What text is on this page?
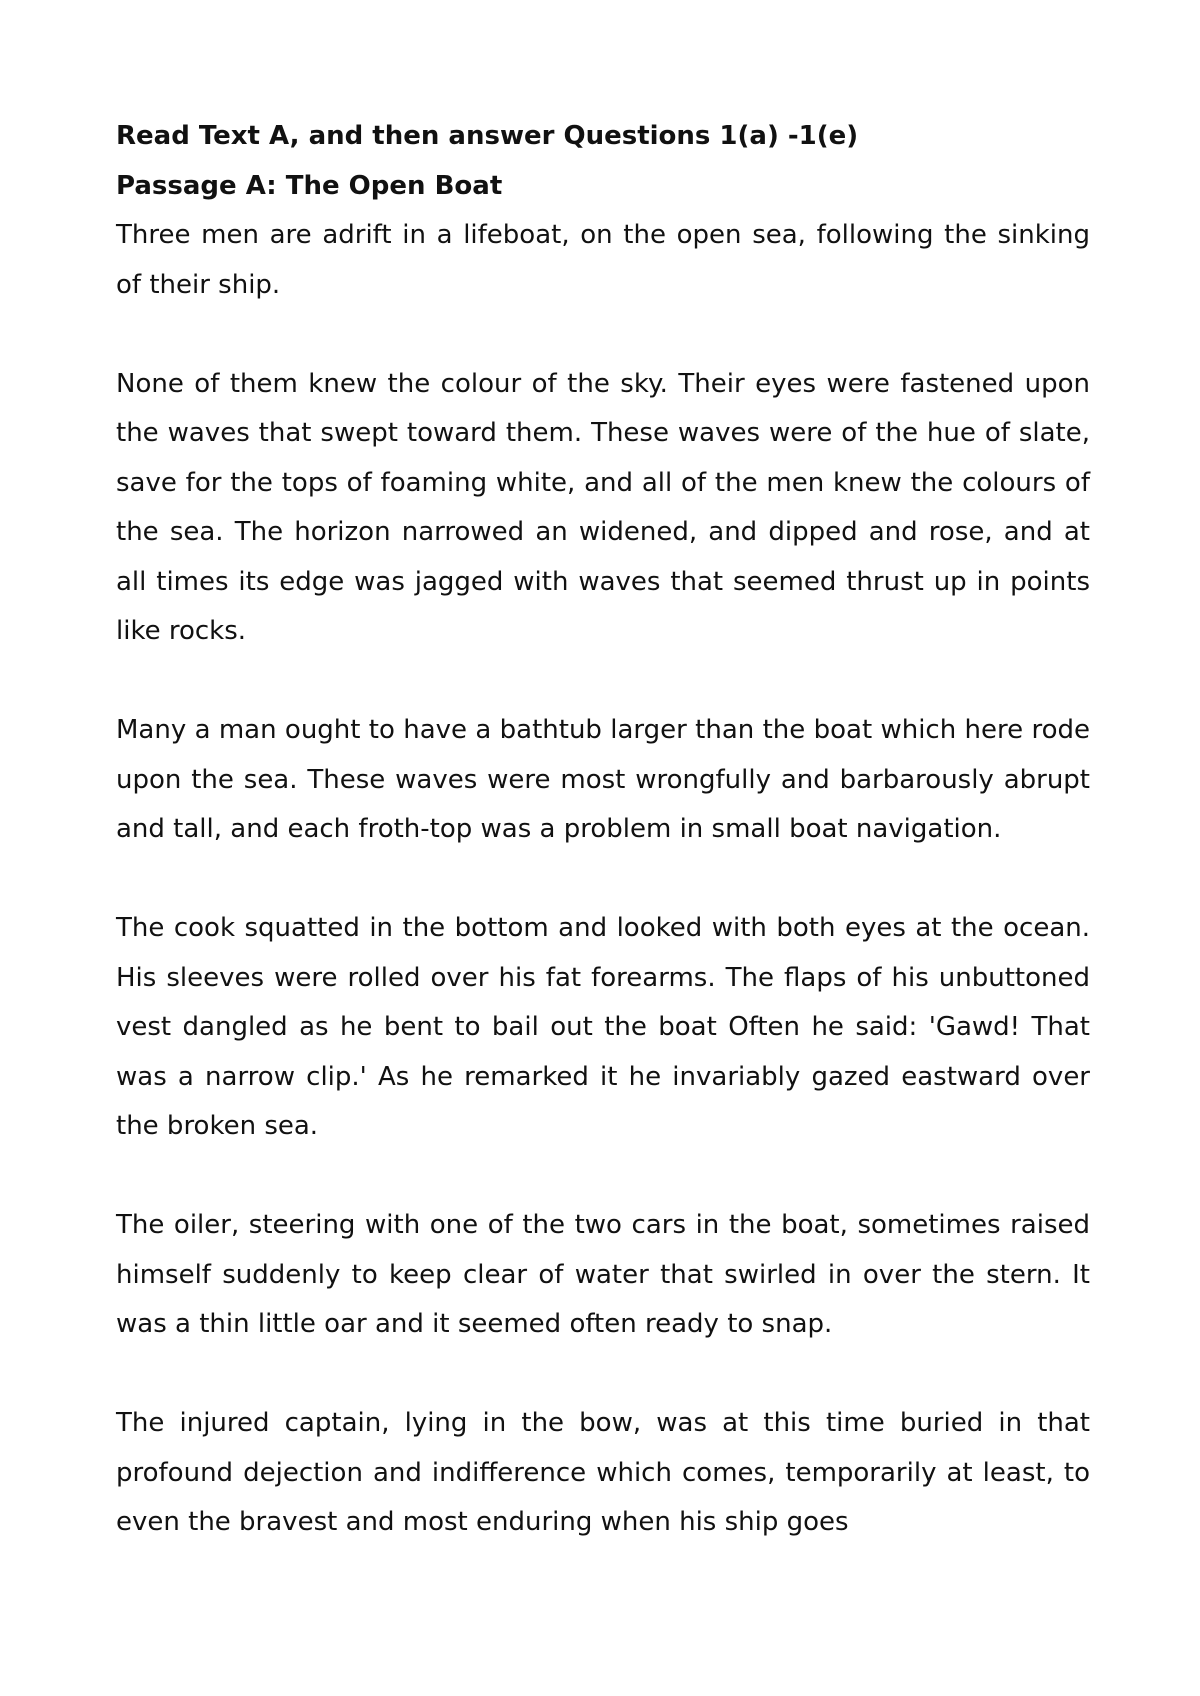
Read Text A, and then answer Questions 1(a) -1(e)

Passage A: The Open Boat

Three men are adrift in a lifeboat, on the open sea, following the sinking of their ship.

None of them knew the colour of the sky. Their eyes were fastened upon the waves that swept toward them. These waves were of the hue of slate, save for the tops of foaming white, and all of the men knew the colours of the sea. The horizon narrowed an widened, and dipped and rose, and at all times its edge was jagged with waves that seemed thrust up in points like rocks.

Many a man ought to have a bathtub larger than the boat which here rode upon the sea. These waves were most wrongfully and barbarously abrupt and tall, and each froth-top was a problem in small boat navigation.

The cook squatted in the bottom and looked with both eyes at the ocean. His sleeves were rolled over his fat forearms. The flaps of his unbuttoned vest dangled as he bent to bail out the boat Often he said: 'Gawd! That was a narrow clip.' As he remarked it he invariably gazed eastward over the broken sea.

The oiler, steering with one of the two cars in the boat, sometimes raised himself suddenly to keep clear of water that swirled in over the stern. It was a thin little oar and it seemed often ready to snap.

The injured captain, lying in the bow, was at this time buried in that profound dejection and indifference which comes, temporarily at least, to even the bravest and most enduring when his ship goes
